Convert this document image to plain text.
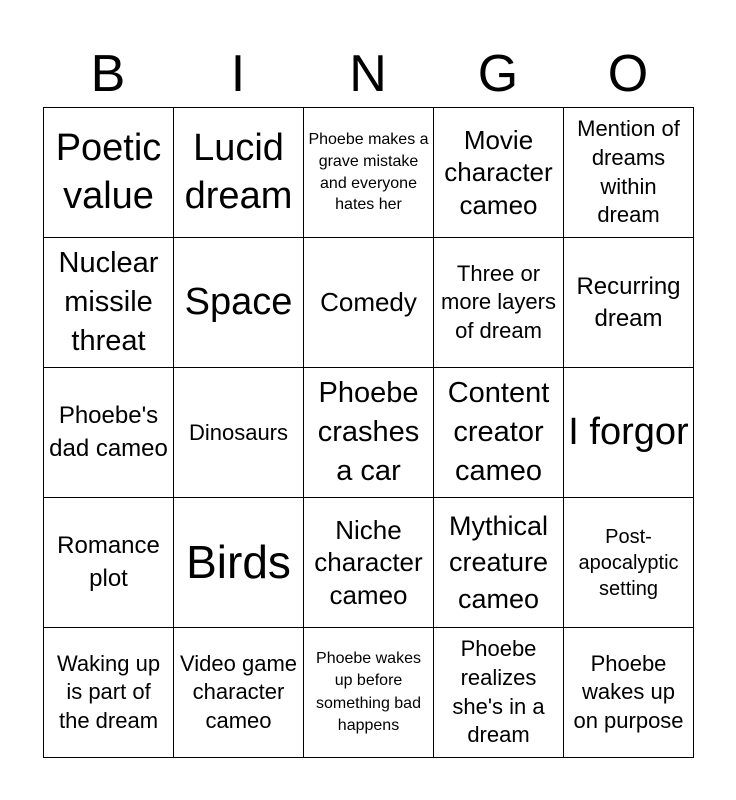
B	I	N	G	O
Poetic value	Lucid dream	Phoebe makes a grave mistake and everyone hates her	Movie character cameo	Mention of dreams within dream
Nuclear missile threat	Space	Comedy	Three or more layers of dream	Recurring dream
Phoebe's dad cameo	Dinosaurs	Phoebe crashes a car	Content creator cameo	I forgor
Romance plot	Birds	Niche character cameo	Mythical creature cameo	Post-apocalyptic setting
Waking up is part of the dream	Video game character cameo	Phoebe wakes up before something bad happens	Phoebe realizes she's in a dream	Phoebe wakes up on purpose
